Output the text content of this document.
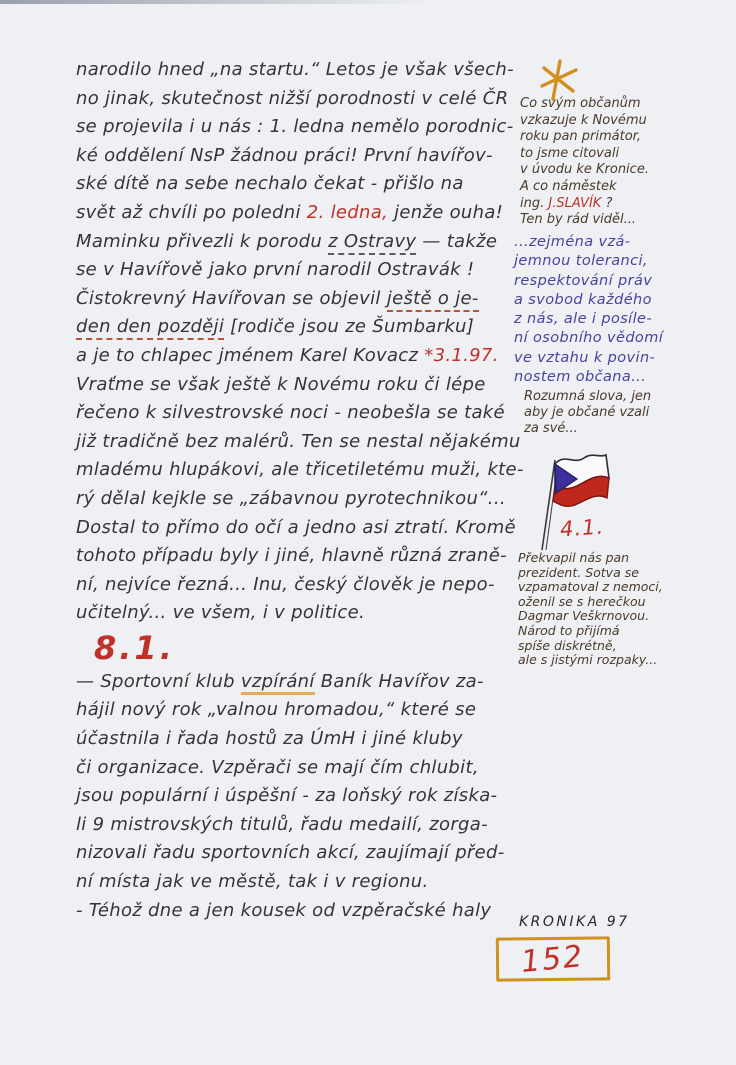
narodilo hned „na startu.“ Letos je však všech-
no jinak, skutečnost nižší porodnosti v celé ČR
se projevila i u nás : 1. ledna nemělo porodnic-
ké oddělení NsP žádnou práci! První havířov-
ské dítě na sebe nechalo čekat - přišlo na
svět až chvíli po poledni 2. ledna, jenže ouha!
Maminku přivezli k porodu z Ostravy — takže
se v Havířově jako první narodil Ostravák !
Čistokrevný Havířovan se objevil ještě o je-
den den později [rodiče jsou ze Šumbarku]
a je to chlapec jménem Karel Kovacz *3.1.97.
Vraťme se však ještě k Novému roku či lépe
řečeno k silvestrovské noci - neobešla se také
již tradičně bez malérů. Ten se nestal nějakému
mladému hlupákovi, ale třicetiletému muži, kte-
rý dělal kejkle se „zábavnou pyrotechnikou“...
Dostal to přímo do očí a jedno asi ztratí. Kromě
tohoto případu byly i jiné, hlavně různá zraně-
ní, nejvíce řezná... Inu, český člověk je nepo-
učitelný... ve všem, i v politice.
8.1.
— Sportovní klub vzpírání Baník Havířov za-
hájil nový rok „valnou hromadou,“ které se
účastnila i řada hostů za ÚmH i jiné kluby
či organizace. Vzpěrači se mají čím chlubit,
jsou populární i úspěšní - za loňský rok získa-
li 9 mistrovských titulů, řadu medailí, zorga-
nizovali řadu sportovních akcí, zaujímají před-
ní místa jak ve městě, tak i v regionu.
- Téhož dne a jen kousek od vzpěračské haly
Co svým občanům
vzkazuje k Novému
roku pan primátor,
to jsme citovali
v úvodu ke Kronice.
A co náměstek
ing. J.SLAVÍK ?
Ten by rád viděl...
...zejména vzá-
jemnou toleranci,
respektování práv
a svobod každého
z nás, ale i posíle-
ní osobního vědomí
ve vztahu k povin-
nostem občana...
Rozumná slova, jen
aby je občané vzali
za své...
4.1.
Překvapil nás pan
prezident. Sotva se
vzpamatoval z nemoci,
oženil se s herečkou
Dagmar Veškrnovou.
Národ to přijímá
spíše diskrétně,
ale s jistými rozpaky...
KRONIKA 97
152
